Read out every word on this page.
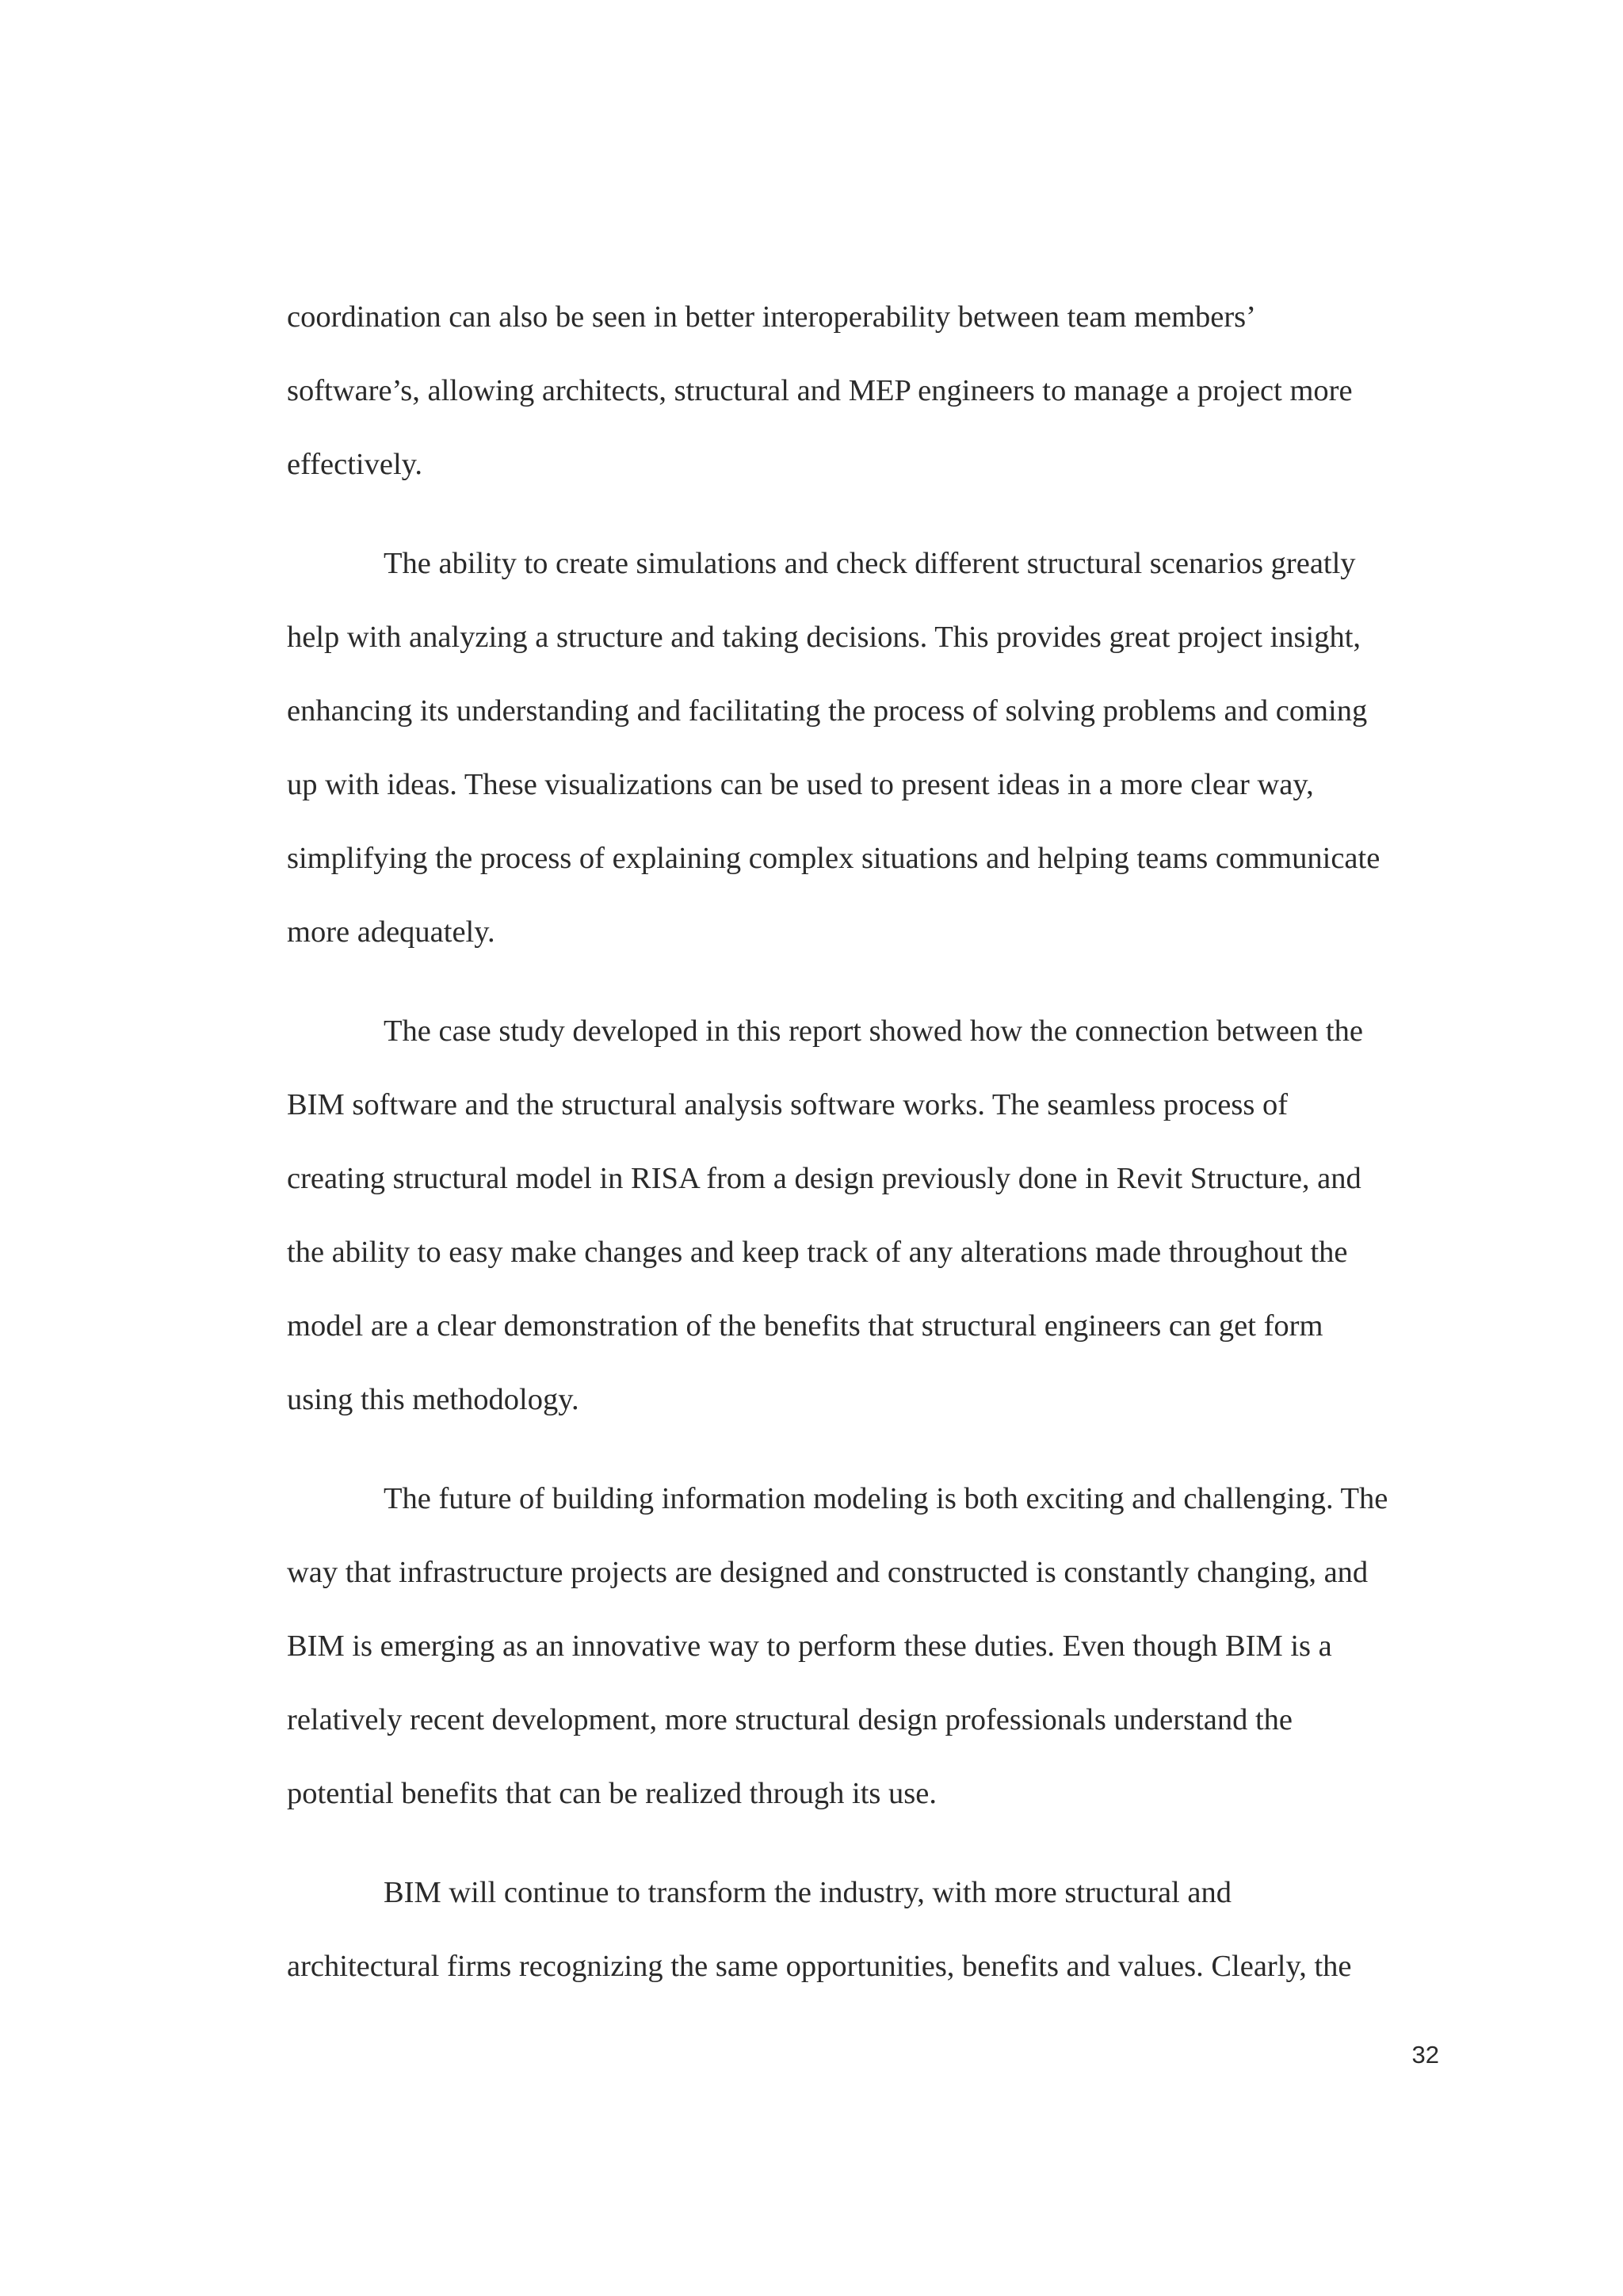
coordination can also be seen in better interoperability between team members’
software’s, allowing architects, structural and MEP engineers to manage a project more
effectively.
The ability to create simulations and check different structural scenarios greatly
help with analyzing a structure and taking decisions. This provides great project insight,
enhancing its understanding and facilitating the process of solving problems and coming
up with ideas. These visualizations can be used to present ideas in a more clear way,
simplifying the process of explaining complex situations and helping teams communicate
more adequately.
The case study developed in this report showed how the connection between the
BIM software and the structural analysis software works. The seamless process of
creating structural model in RISA from a design previously done in Revit Structure, and
the ability to easy make changes and keep track of any alterations made throughout the
model are a clear demonstration of the benefits that structural engineers can get form
using this methodology.
The future of building information modeling is both exciting and challenging. The
way that infrastructure projects are designed and constructed is constantly changing, and
BIM is emerging as an innovative way to perform these duties. Even though BIM is a
relatively recent development, more structural design professionals understand the
potential benefits that can be realized through its use.
BIM will continue to transform the industry, with more structural and
architectural firms recognizing the same opportunities, benefits and values. Clearly, the
32
